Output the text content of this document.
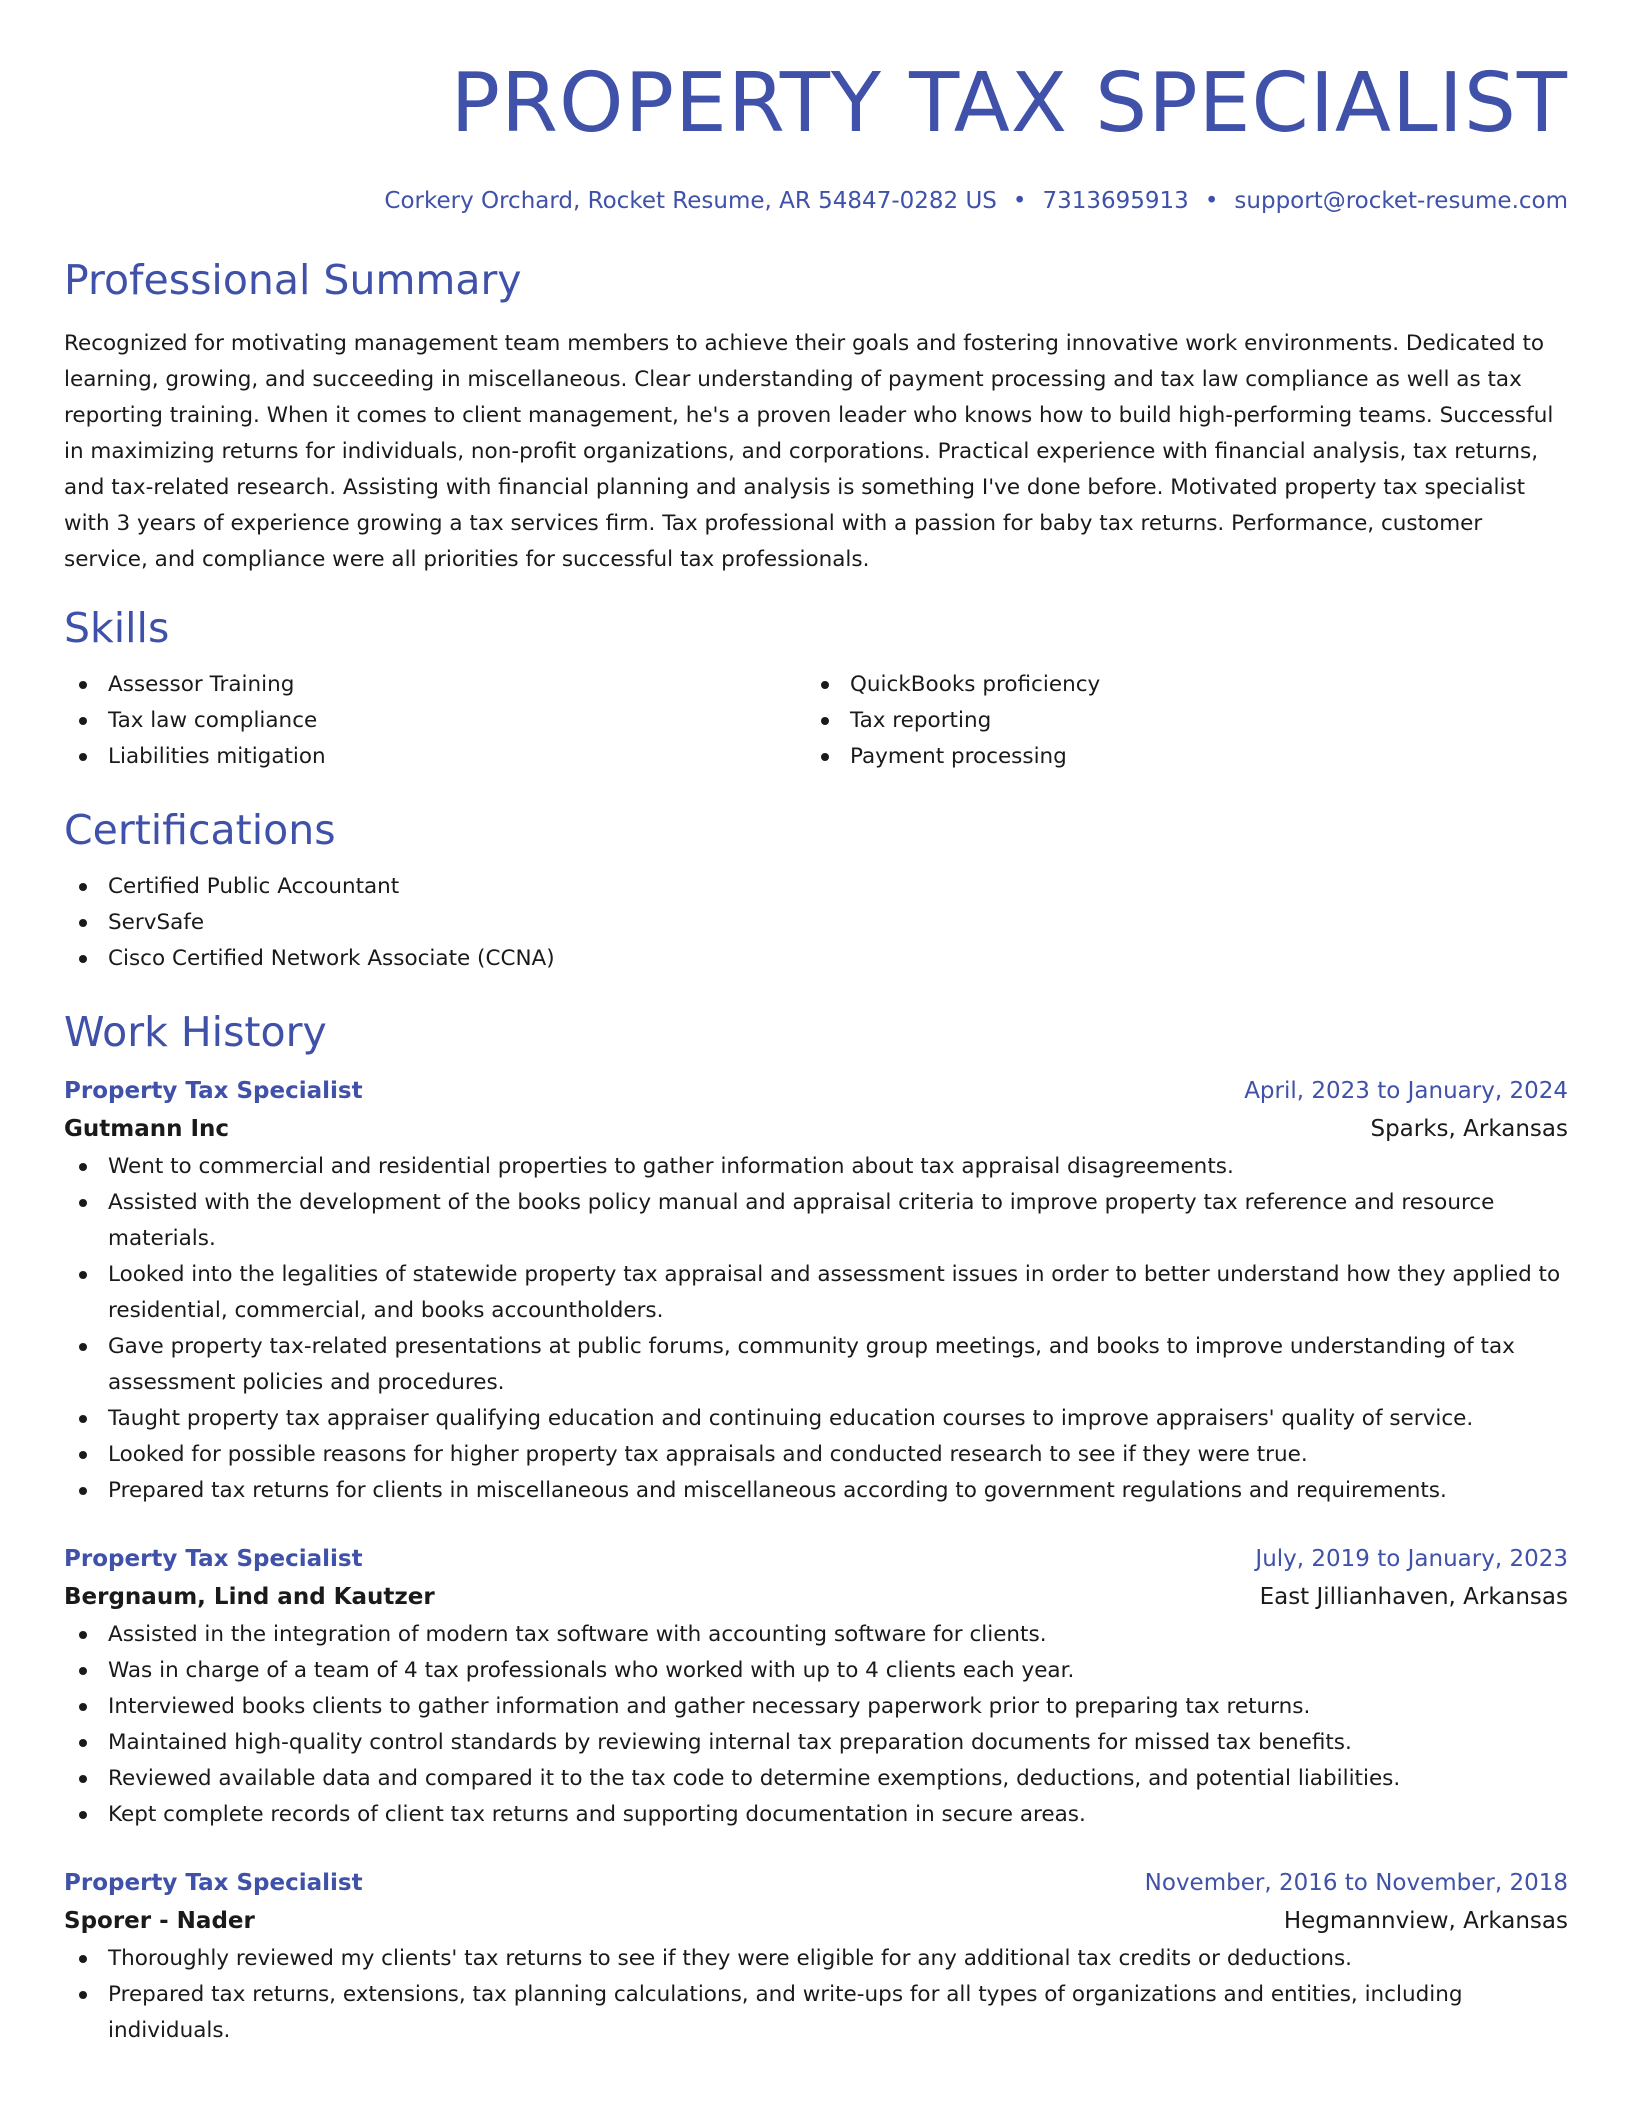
PROPERTY TAX SPECIALIST
Corkery Orchard, Rocket Resume, AR 54847-0282 US • 7313695913 • support@rocket-resume.com
Professional Summary

Recognized for motivating management team members to achieve their goals and fostering innovative work environments. Dedicated to learning, growing, and succeeding in miscellaneous. Clear understanding of payment processing and tax law compliance as well as tax reporting training. When it comes to client management, he's a proven leader who knows how to build high-performing teams. Successful in maximizing returns for individuals, non-profit organizations, and corporations. Practical experience with financial analysis, tax returns, and tax-related research. Assisting with financial planning and analysis is something I've done before. Motivated property tax specialist with 3 years of experience growing a tax services firm. Tax professional with a passion for baby tax returns. Performance, customer service, and compliance were all priorities for successful tax professionals.

Skills
Assessor Training
Tax law compliance
Liabilities mitigation
QuickBooks proficiency
Tax reporting
Payment processing
Certifications
Certified Public Accountant
ServSafe
Cisco Certified Network Associate (CCNA)
Work History
Property Tax Specialist	April, 2023 to January, 2024
Gutmann Inc	Sparks, Arkansas
Went to commercial and residential properties to gather information about tax appraisal disagreements.
Assisted with the development of the books policy manual and appraisal criteria to improve property tax reference and resource materials.
Looked into the legalities of statewide property tax appraisal and assessment issues in order to better understand how they applied to residential, commercial, and books accountholders.
Gave property tax-related presentations at public forums, community group meetings, and books to improve understanding of tax assessment policies and procedures.
Taught property tax appraiser qualifying education and continuing education courses to improve appraisers' quality of service.
Looked for possible reasons for higher property tax appraisals and conducted research to see if they were true.
Prepared tax returns for clients in miscellaneous and miscellaneous according to government regulations and requirements.
Property Tax Specialist	July, 2019 to January, 2023
Bergnaum, Lind and Kautzer	East Jillianhaven, Arkansas
Assisted in the integration of modern tax software with accounting software for clients.
Was in charge of a team of 4 tax professionals who worked with up to 4 clients each year.
Interviewed books clients to gather information and gather necessary paperwork prior to preparing tax returns.
Maintained high-quality control standards by reviewing internal tax preparation documents for missed tax benefits.
Reviewed available data and compared it to the tax code to determine exemptions, deductions, and potential liabilities.
Kept complete records of client tax returns and supporting documentation in secure areas.
Property Tax Specialist	November, 2016 to November, 2018
Sporer - Nader	Hegmannview, Arkansas
Thoroughly reviewed my clients' tax returns to see if they were eligible for any additional tax credits or deductions.
Prepared tax returns, extensions, tax planning calculations, and write-ups for all types of organizations and entities, including individuals.
